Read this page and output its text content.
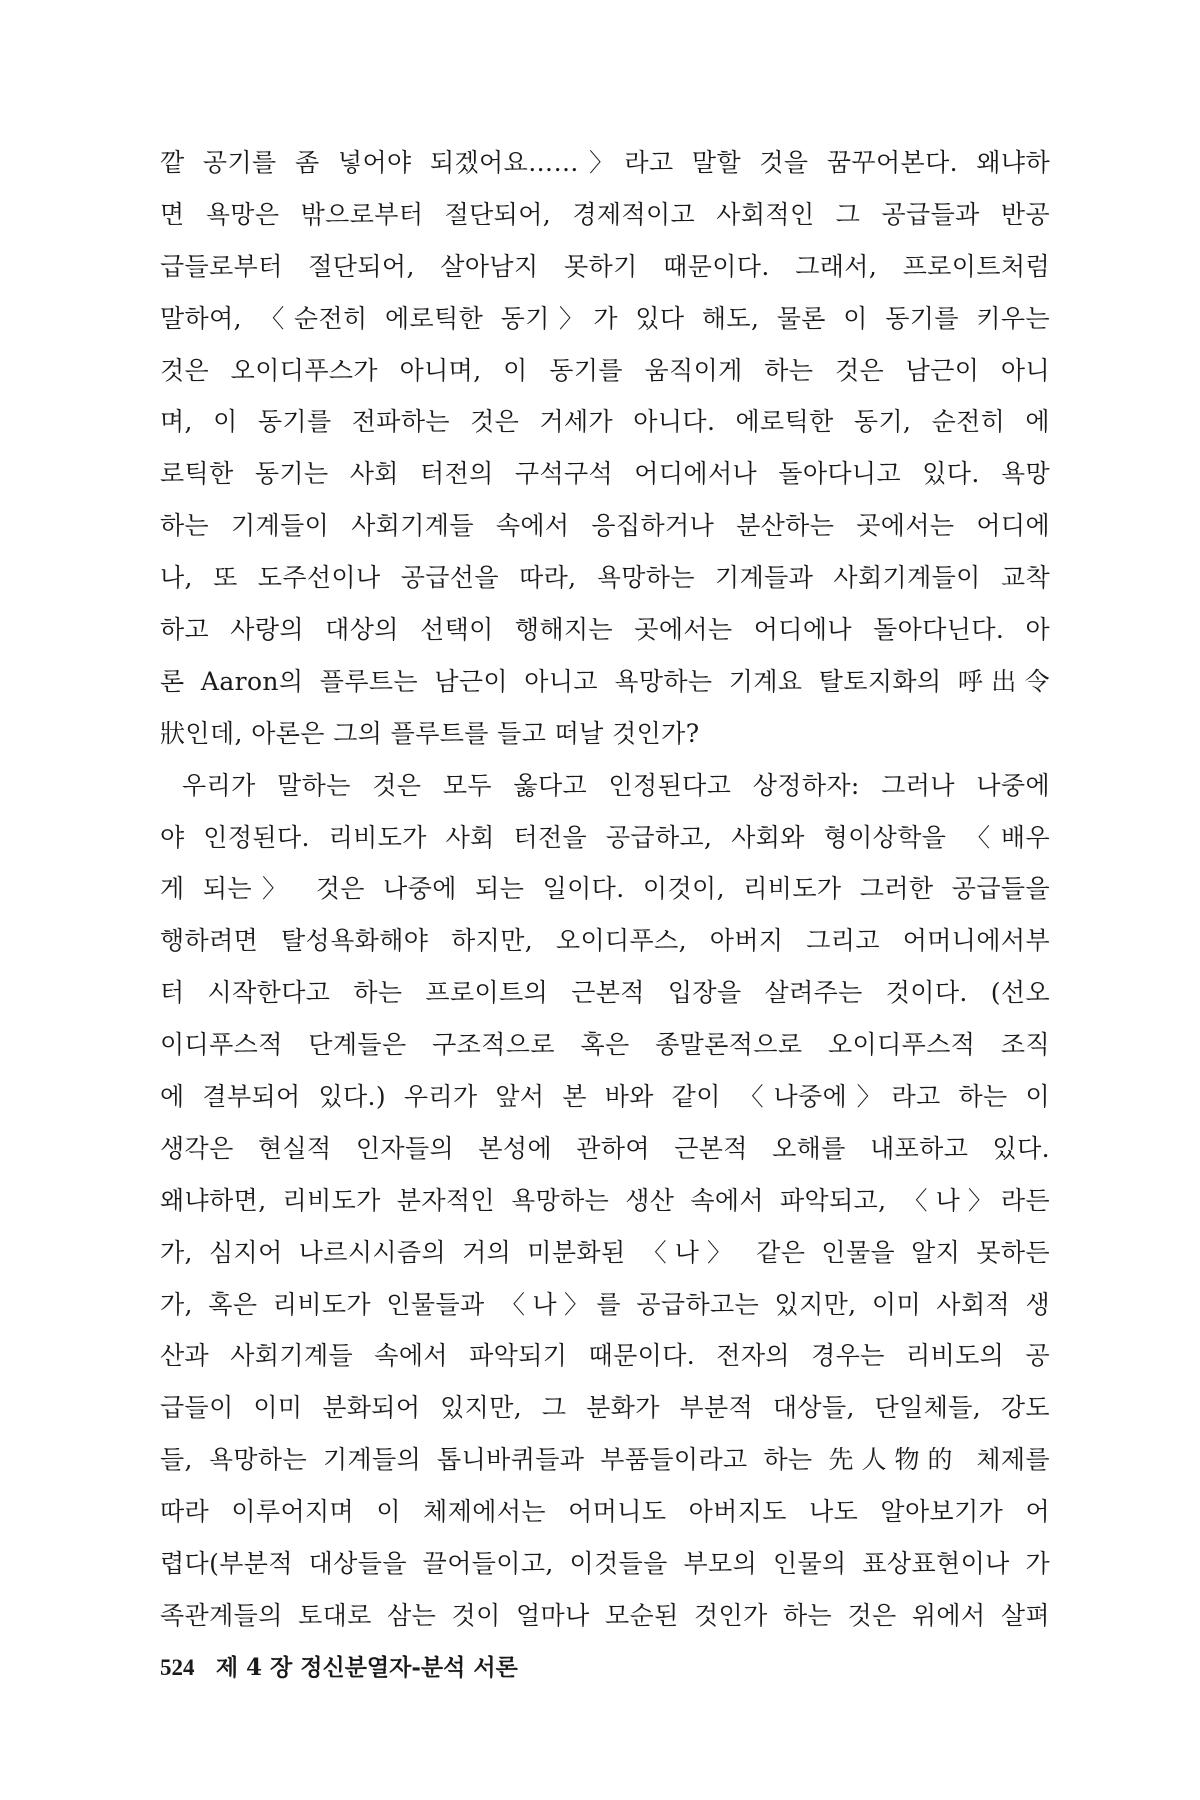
깥 공기를 좀 넣어야 되겠어요……〉라고 말할 것을 꿈꾸어본다. 왜냐하
면 욕망은 밖으로부터 절단되어, 경제적이고 사회적인 그 공급들과 반공
급들로부터 절단되어, 살아남지 못하기 때문이다. 그래서, 프로이트처럼
말하여, 〈순전히 에로틱한 동기〉가 있다 해도, 물론 이 동기를 키우는
것은 오이디푸스가 아니며, 이 동기를 움직이게 하는 것은 남근이 아니
며, 이 동기를 전파하는 것은 거세가 아니다. 에로틱한 동기, 순전히 에
로틱한 동기는 사회 터전의 구석구석 어디에서나 돌아다니고 있다. 욕망
하는 기계들이 사회기계들 속에서 응집하거나 분산하는 곳에서는 어디에
나, 또 도주선이나 공급선을 따라, 욕망하는 기계들과 사회기계들이 교착
하고 사랑의 대상의 선택이 행해지는 곳에서는 어디에나 돌아다닌다. 아
론 Aaron의 플루트는 남근이 아니고 욕망하는 기계요 탈토지화의 呼出令
狀인데, 아론은 그의 플루트를 들고 떠날 것인가?
우리가 말하는 것은 모두 옳다고 인정된다고 상정하자: 그러나 나중에
야 인정된다. 리비도가 사회 터전을 공급하고, 사회와 형이상학을 〈배우
게 되는〉 것은 나중에 되는 일이다. 이것이, 리비도가 그러한 공급들을
행하려면 탈성욕화해야 하지만, 오이디푸스, 아버지 그리고 어머니에서부
터 시작한다고 하는 프로이트의 근본적 입장을 살려주는 것이다. (선오
이디푸스적 단계들은 구조적으로 혹은 종말론적으로 오이디푸스적 조직
에 결부되어 있다.) 우리가 앞서 본 바와 같이 〈나중에〉라고 하는 이
생각은 현실적 인자들의 본성에 관하여 근본적 오해를 내포하고 있다.
왜냐하면, 리비도가 분자적인 욕망하는 생산 속에서 파악되고, 〈나〉라든
가, 심지어 나르시시즘의 거의 미분화된 〈나〉 같은 인물을 알지 못하든
가, 혹은 리비도가 인물들과 〈나〉를 공급하고는 있지만, 이미 사회적 생
산과 사회기계들 속에서 파악되기 때문이다. 전자의 경우는 리비도의 공
급들이 이미 분화되어 있지만, 그 분화가 부분적 대상들, 단일체들, 강도
들, 욕망하는 기계들의 톱니바퀴들과 부품들이라고 하는 先人物的 체제를
따라 이루어지며 이 체제에서는 어머니도 아버지도 나도 알아보기가 어
렵다(부분적 대상들을 끌어들이고, 이것들을 부모의 인물의 표상표현이나 가
족관계들의 토대로 삼는 것이 얼마나 모순된 것인가 하는 것은 위에서 살펴
524 제 4 장 정신분열자-분석 서론
